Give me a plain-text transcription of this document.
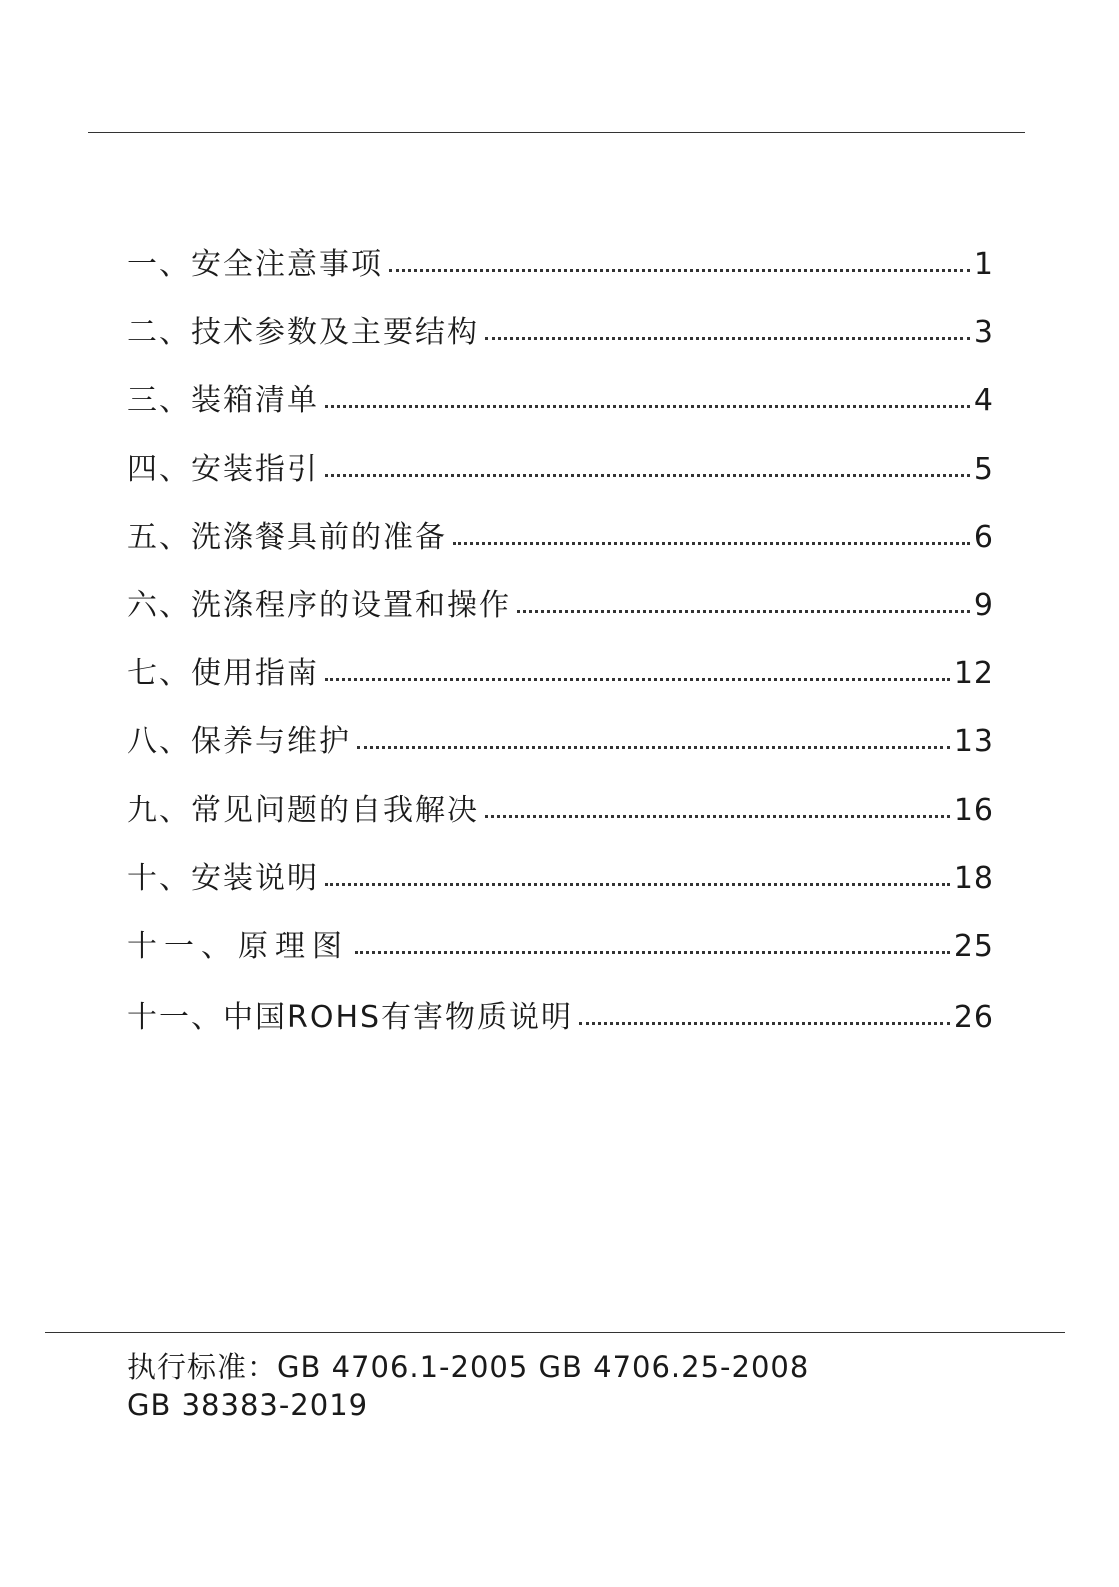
一、安全注意事项	1
二、技术参数及主要结构	3
三、装箱清单	4
四、安装指引	5
五、洗涤餐具前的准备	6
六、洗涤程序的设置和操作	9
七、使用指南	12
八、保养与维护	13
九、常见问题的自我解决	16
十、安装说明	18
十一、原理图	25
十一、中国ROHS有害物质说明	26
执行标准：GB 4706.1-2005 GB 4706.25-2008
GB 38383-2019
